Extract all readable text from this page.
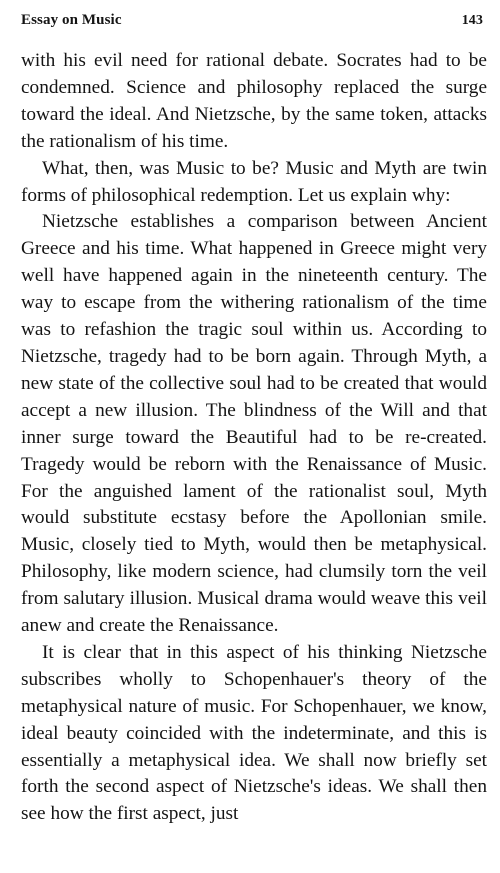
Essay on Music	143

with his evil need for rational debate. Socrates had to be condemned. Science and philosophy replaced the surge toward the ideal. And Nietzsche, by the same token, attacks the rationalism of his time.

What, then, was Music to be? Music and Myth are twin forms of philosophical redemption. Let us explain why:

Nietzsche establishes a comparison between Ancient Greece and his time. What happened in Greece might very well have happened again in the nineteenth century. The way to escape from the withering rationalism of the time was to refashion the tragic soul within us. According to Nietzsche, tragedy had to be born again. Through Myth, a new state of the collective soul had to be created that would accept a new illusion. The blindness of the Will and that inner surge toward the Beautiful had to be re-created. Tragedy would be reborn with the Renaissance of Music. For the anguished lament of the rationalist soul, Myth would substitute ecstasy before the Apollonian smile. Music, closely tied to Myth, would then be metaphysical. Philosophy, like modern science, had clumsily torn the veil from salutary illusion. Musical drama would weave this veil anew and create the Renaissance.

It is clear that in this aspect of his thinking Nietzsche subscribes wholly to Schopenhauer's theory of the metaphysical nature of music. For Schopenhauer, we know, ideal beauty coincided with the indeterminate, and this is essentially a metaphysical idea. We shall now briefly set forth the second aspect of Nietzsche's ideas. We shall then see how the first aspect, just
